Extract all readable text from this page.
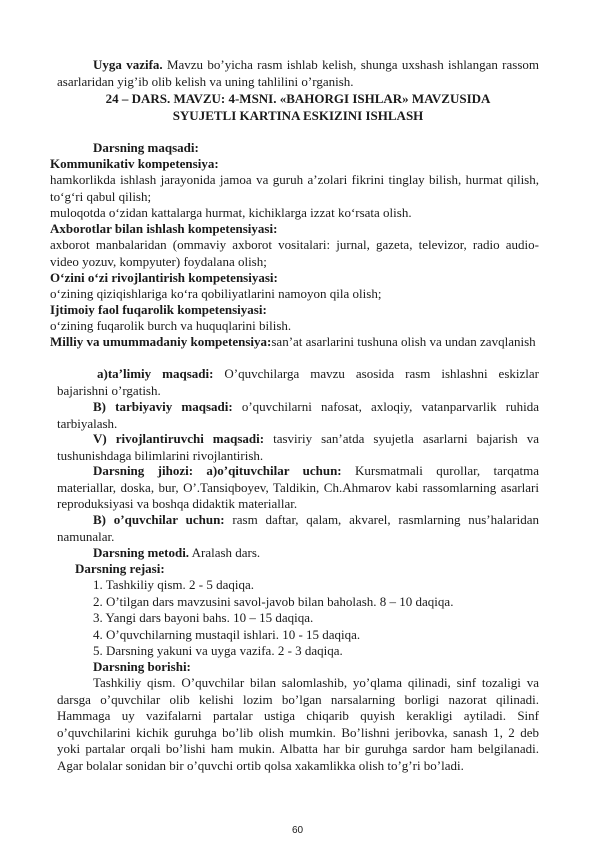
Uyga vazifa. Mavzu bo’yicha rasm ishlab kelish, shunga uxshash ishlangan rassom asarlaridan yig’ib olib kelish va uning tahlilini o’rganish.

24 – DARS. MAVZU: 4-MSNI. «BAHORGI ISHLAR» MAVZUSIDA
SYUJETLI KARTINA ESKIZINI ISHLASH
Darsning maqsadi:
Kommunikativ kompetensiya:

hamkorlikda ishlash jarayonida jamoa va guruh a’zolari fikrini tinglay bilish, hurmat qilish, to‘g‘ri qabul qilish;

muloqotda o‘zidan kattalarga hurmat, kichiklarga izzat ko‘rsata olish.

Axborotlar bilan ishlash kompetensiyasi:

axborot manbalaridan (ommaviy axborot vositalari: jurnal, gazeta, televizor, radio audio-video yozuv, kompyuter) foydalana olish;

O‘zini o‘zi rivojlantirish kompetensiyasi:

o‘zining qiziqishlariga ko‘ra qobiliyatlarini namoyon qila olish;

Ijtimoiy faol fuqarolik kompetensiyasi:

o‘zining fuqarolik burch va huquqlarini bilish.

Milliy va umummadaniy kompetensiya:san’at asarlarini tushuna olish va undan zavqlanish

a)ta’limiy maqsadi: O’quvchilarga mavzu asosida rasm ishlashni eskizlar bajarishni o’rgatish.

B) tarbiyaviy maqsadi: o’quvchilarni nafosat, axloqiy, vatanparvarlik ruhida tarbiyalash.

V) rivojlantiruvchi maqsadi: tasviriy san’atda syujetla asarlarni bajarish va tushunishdaga bilimlarini rivojlantirish.

Darsning jihozi: a)o’qituvchilar uchun: Kursmatmali qurollar, tarqatma materiallar, doska, bur, O’.Tansiqboyev, Taldikin, Ch.Ahmarov kabi rassomlarning asarlari reproduksiyasi va boshqa didaktik materiallar.

B) o’quvchilar uchun: rasm daftar, qalam, akvarel, rasmlarning nus’halaridan namunalar.

Darsning metodi. Aralash dars.

Darsning rejasi:
1. Tashkiliy qism. 2 - 5 daqiqa.
2. O’tilgan dars mavzusini savol-javob bilan baholash. 8 – 10 daqiqa.
3. Yangi dars bayoni bahs. 10 – 15 daqiqa.
4. O’quvchilarning mustaqil ishlari. 10 - 15 daqiqa.
5. Darsning yakuni va uyga vazifa. 2 - 3 daqiqa.
Darsning borishi:

Tashkiliy qism. O’quvchilar bilan salomlashib, yo’qlama qilinadi, sinf tozaligi va darsga o’quvchilar olib kelishi lozim bo’lgan narsalarning borligi nazorat qilinadi. Hammaga uy vazifalarni partalar ustiga chiqarib quyish kerakligi aytiladi. Sinf o’quvchilarini kichik guruhga bo’lib olish mumkin. Bo’lishni jeribovka, sanash 1, 2 deb yoki partalar orqali bo’lishi ham mukin. Albatta har bir guruhga sardor ham belgilanadi. Agar bolalar sonidan bir o’quvchi ortib qolsa xakamlikka olish to’g’ri bo’ladi.

60
